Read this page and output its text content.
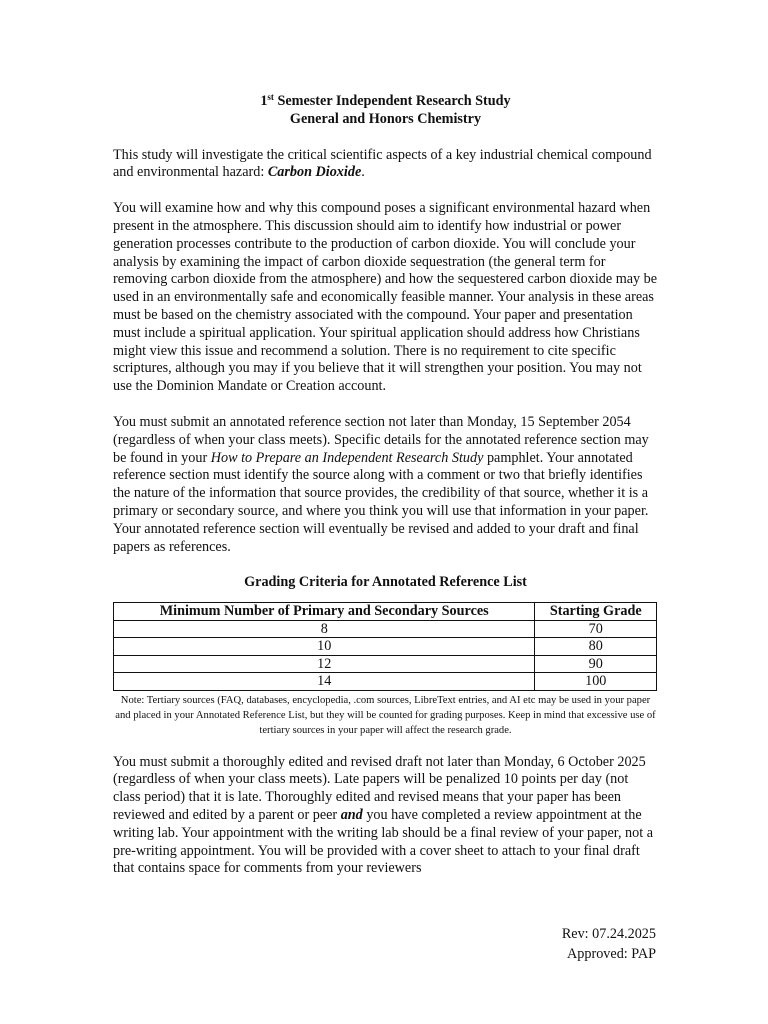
1st Semester Independent Research Study

General and Honors Chemistry

This study will investigate the critical scientific aspects of a key industrial chemical compound and environmental hazard: Carbon Dioxide.

You will examine how and why this compound poses a significant environmental hazard when present in the atmosphere. This discussion should aim to identify how industrial or power generation processes contribute to the production of carbon dioxide. You will conclude your analysis by examining the impact of carbon dioxide sequestration (the general term for removing carbon dioxide from the atmosphere) and how the sequestered carbon dioxide may be used in an environmentally safe and economically feasible manner. Your analysis in these areas must be based on the chemistry associated with the compound. Your paper and presentation must include a spiritual application. Your spiritual application should address how Christians might view this issue and recommend a solution. There is no requirement to cite specific scriptures, although you may if you believe that it will strengthen your position. You may not use the Dominion Mandate or Creation account.

You must submit an annotated reference section not later than Monday, 15 September 2054 (regardless of when your class meets). Specific details for the annotated reference section may be found in your How to Prepare an Independent Research Study pamphlet. Your annotated reference section must identify the source along with a comment or two that briefly identifies the nature of the information that source provides, the credibility of that source, whether it is a primary or secondary source, and where you think you will use that information in your paper. Your annotated reference section will eventually be revised and added to your draft and final papers as references.

Grading Criteria for Annotated Reference List

Minimum Number of Primary and Secondary Sources	Starting Grade
8	70
10	80
12	90
14	100

Note: Tertiary sources (FAQ, databases, encyclopedia, .com sources, LibreText entries, and AI etc may be used in your paper and placed in your Annotated Reference List, but they will be counted for grading purposes. Keep in mind that excessive use of tertiary sources in your paper will affect the research grade.

You must submit a thoroughly edited and revised draft not later than Monday, 6 October 2025 (regardless of when your class meets). Late papers will be penalized 10 points per day (not class period) that it is late. Thoroughly edited and revised means that your paper has been reviewed and edited by a parent or peer and you have completed a review appointment at the writing lab. Your appointment with the writing lab should be a final review of your paper, not a pre-writing appointment. You will be provided with a cover sheet to attach to your final draft that contains space for comments from your reviewers

Rev: 07.24.2025
Approved: PAP
